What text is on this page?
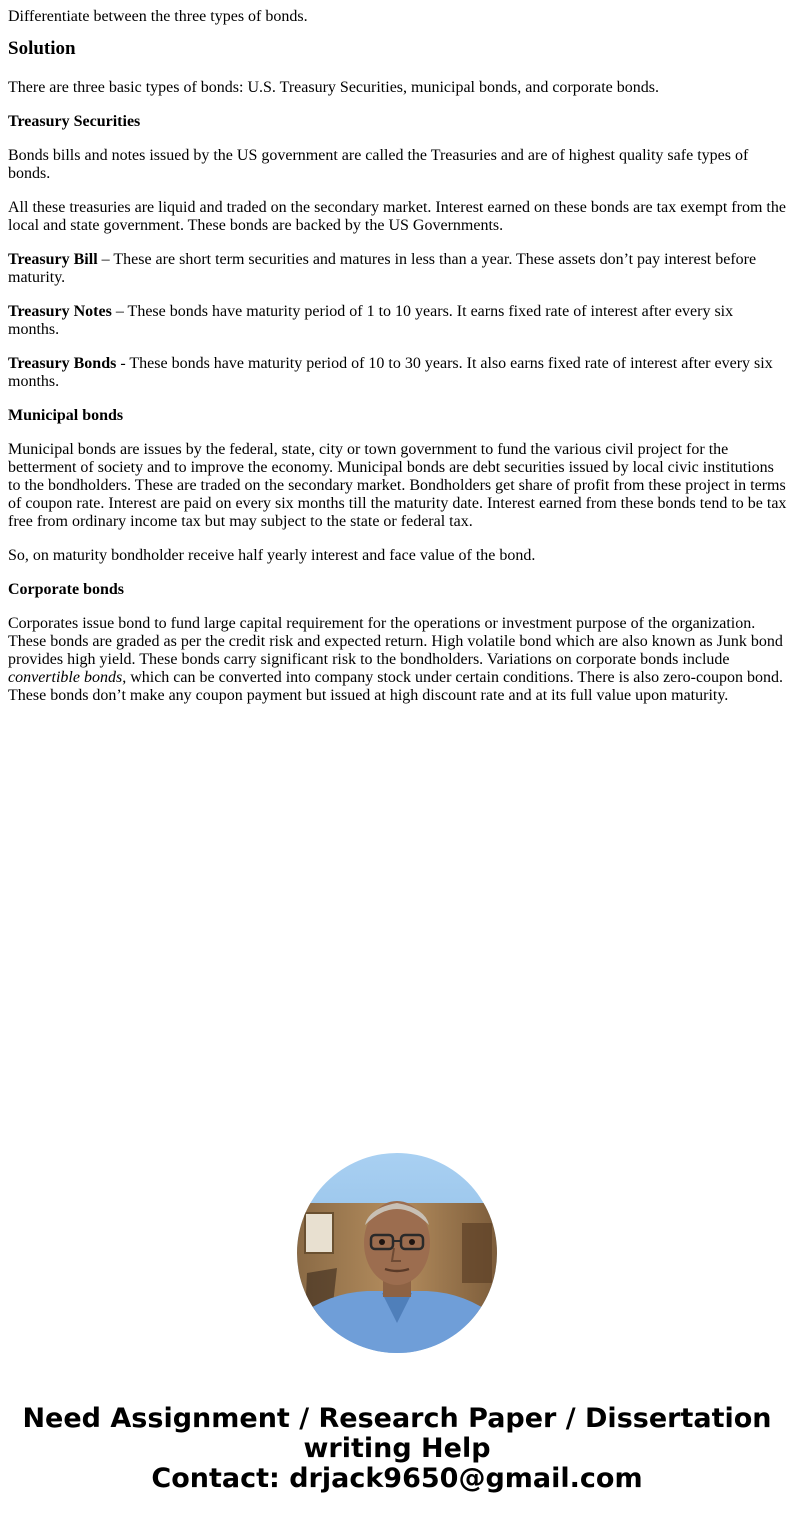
Differentiate between the three types of bonds.

Solution

There are three basic types of bonds: U.S. Treasury Securities, municipal bonds, and corporate bonds.

Treasury Securities

Bonds bills and notes issued by the US government are called the Treasuries and are of highest quality safe types of bonds.

All these treasuries are liquid and traded on the secondary market. Interest earned on these bonds are tax exempt from the local and state government. These bonds are backed by the US Governments.

Treasury Bill – These are short term securities and matures in less than a year. These assets don’t pay interest before maturity.

Treasury Notes – These bonds have maturity period of 1 to 10 years. It earns fixed rate of interest after every six months.

Treasury Bonds - These bonds have maturity period of 10 to 30 years. It also earns fixed rate of interest after every six months.

Municipal bonds

Municipal bonds are issues by the federal, state, city or town government to fund the various civil project for the betterment of society and to improve the economy. Municipal bonds are debt securities issued by local civic institutions to the bondholders. These are traded on the secondary market. Bondholders get share of profit from these project in terms of coupon rate. Interest are paid on every six months till the maturity date. Interest earned from these bonds tend to be tax free from ordinary income tax but may subject to the state or federal tax.

So, on maturity bondholder receive half yearly interest and face value of the bond.

Corporate bonds

Corporates issue bond to fund large capital requirement for the operations or investment purpose of the organization. These bonds are graded as per the credit risk and expected return. High volatile bond which are also known as Junk bond provides high yield. These bonds carry significant risk to the bondholders. Variations on corporate bonds include convertible bonds, which can be converted into company stock under certain conditions. There is also zero-coupon bond. These bonds don’t make any coupon payment but issued at high discount rate and at its full value upon maturity.

Need Assignment / Research Paper / Dissertation
writing Help
Contact: drjack9650@gmail.com
